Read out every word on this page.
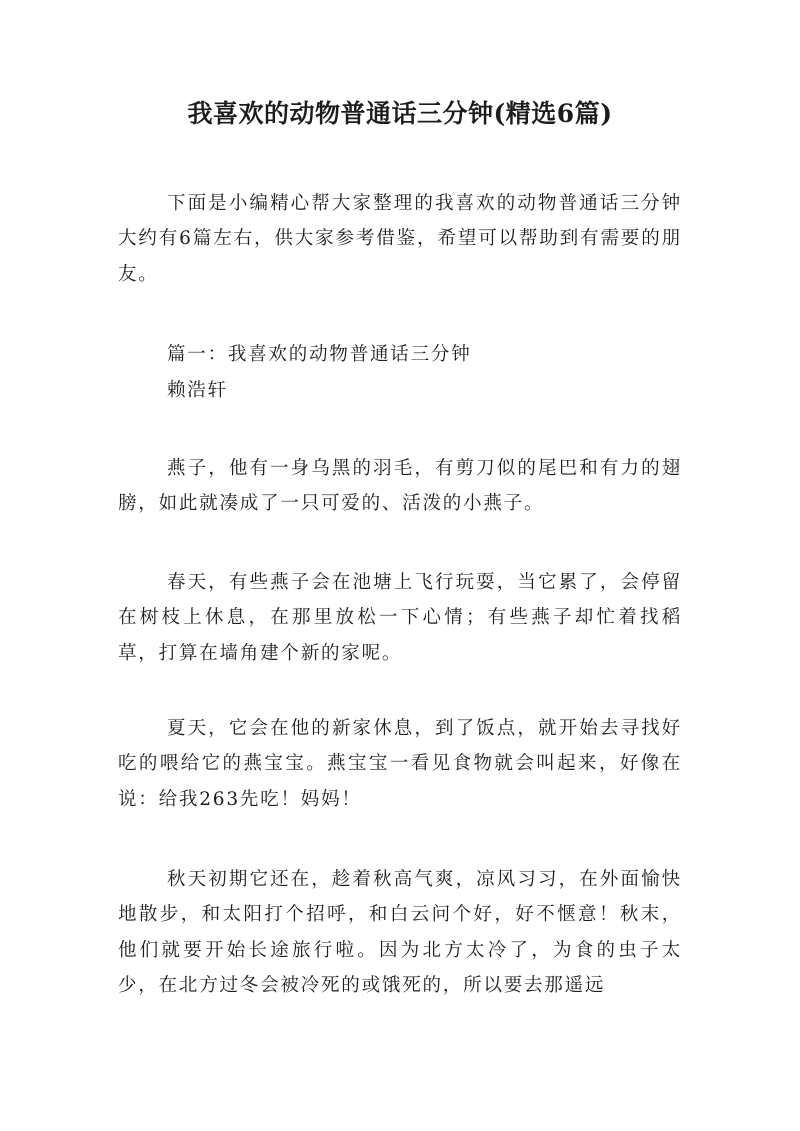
我喜欢的动物普通话三分钟(精选6篇)

下面是小编精心帮大家整理的我喜欢的动物普通话三分钟大约有6篇左右，供大家参考借鉴，希望可以帮助到有需要的朋友。

篇一：我喜欢的动物普通话三分钟

赖浩轩

燕子，他有一身乌黑的羽毛，有剪刀似的尾巴和有力的翅膀，如此就凑成了一只可爱的、活泼的小燕子。

春天，有些燕子会在池塘上飞行玩耍，当它累了，会停留在树枝上休息，在那里放松一下心情；有些燕子却忙着找稻草，打算在墙角建个新的家呢。

夏天，它会在他的新家休息，到了饭点，就开始去寻找好吃的喂给它的燕宝宝。燕宝宝一看见食物就会叫起来，好像在说：给我263先吃！妈妈！

秋天初期它还在，趁着秋高气爽，凉风习习，在外面愉快地散步，和太阳打个招呼，和白云问个好，好不惬意！秋末，他们就要开始长途旅行啦。因为北方太冷了，为食的虫子太少，在北方过冬会被冷死的或饿死的，所以要去那遥远
